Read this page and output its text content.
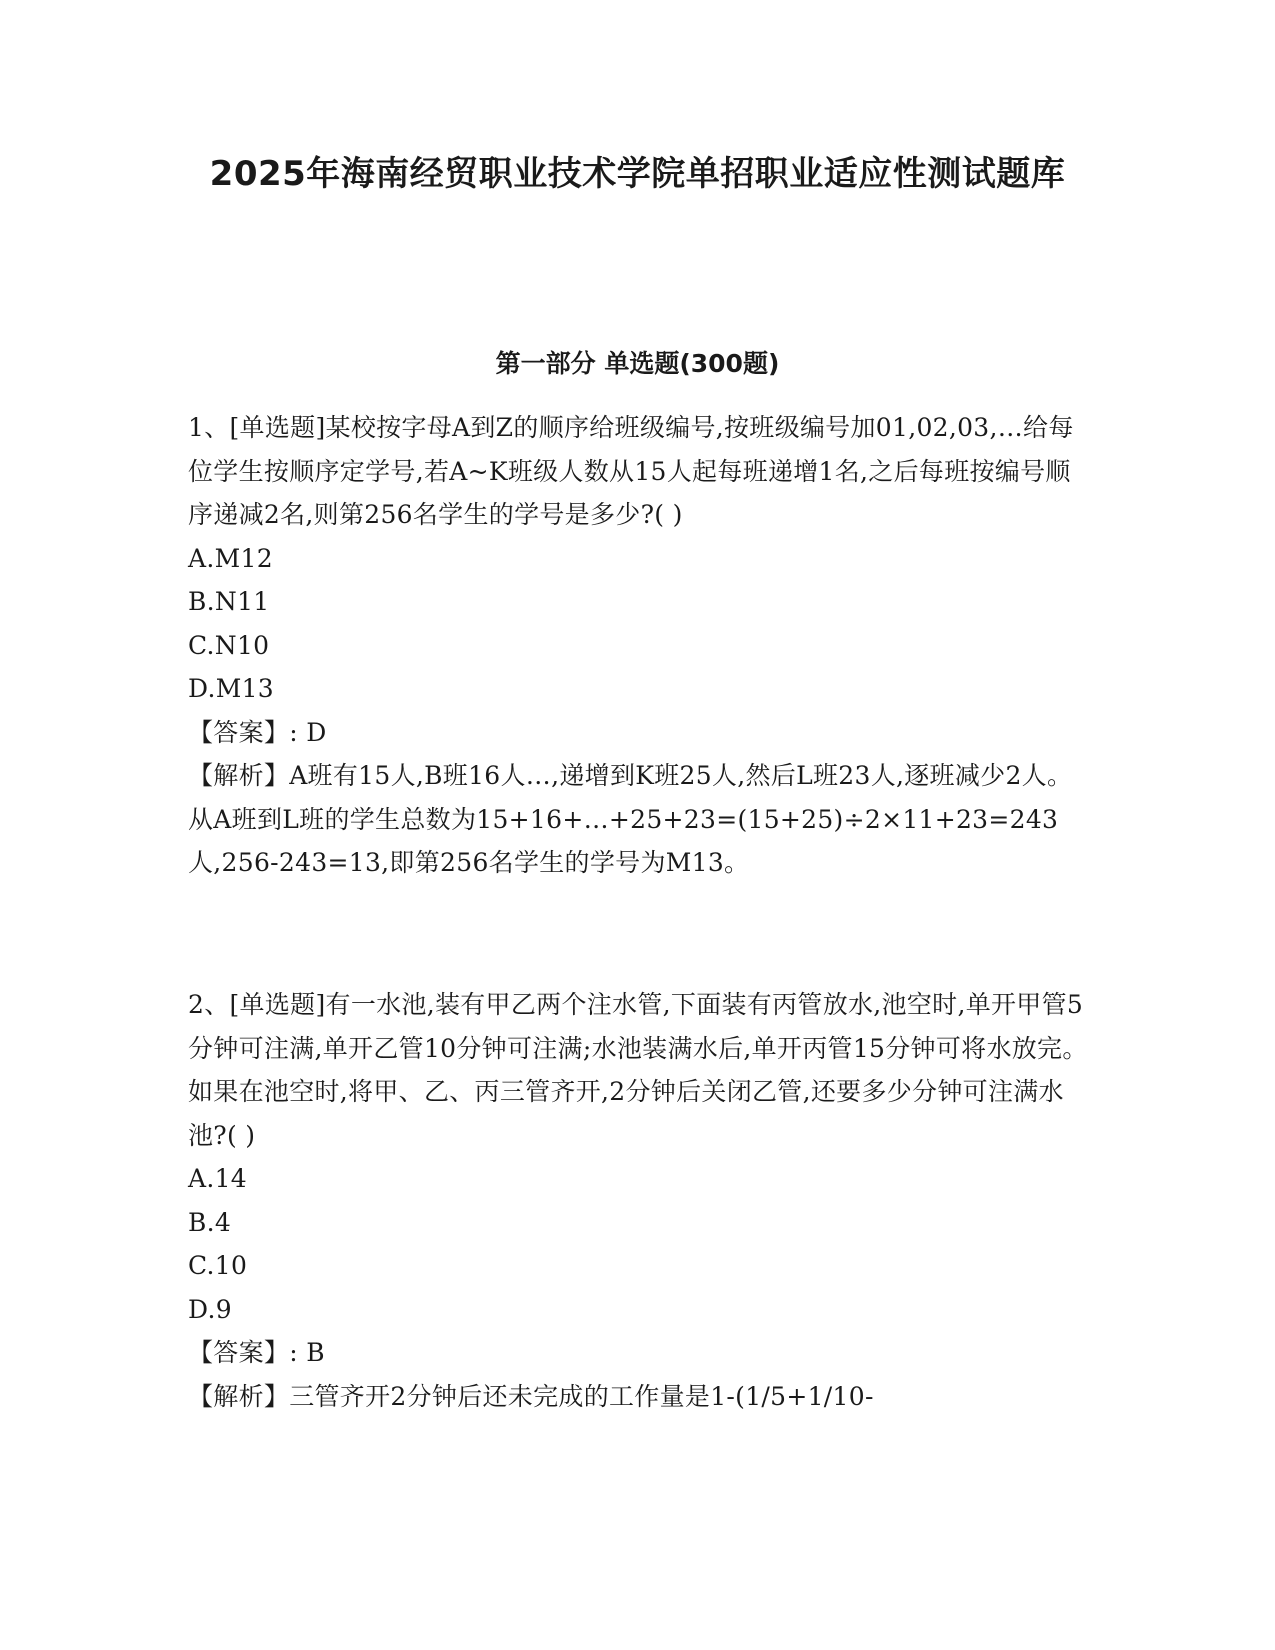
2025年海南经贸职业技术学院单招职业适应性测试题库
第一部分 单选题(300题)

1、[单选题]某校按字母A到Z的顺序给班级编号,按班级编号加01,02,03,…给每位学生按顺序定学号,若A~K班级人数从15人起每班递增1名,之后每班按编号顺序递减2名,则第256名学生的学号是多少?( )

A.M12

B.N11

C.N10

D.M13

【答案】: D

【解析】A班有15人,B班16人…,递增到K班25人,然后L班23人,逐班减少2人。从A班到L班的学生总数为15+16+…+25+23=(15+25)÷2×11+23=243人,256-243=13,即第256名学生的学号为M13。

2、[单选题]有一水池,装有甲乙两个注水管,下面装有丙管放水,池空时,单开甲管5分钟可注满,单开乙管10分钟可注满;水池装满水后,单开丙管15分钟可将水放完。如果在池空时,将甲、乙、丙三管齐开,2分钟后关闭乙管,还要多少分钟可注满水池?( )

A.14

B.4

C.10

D.9

【答案】: B

【解析】三管齐开2分钟后还未完成的工作量是1-(1/5+1/10-
